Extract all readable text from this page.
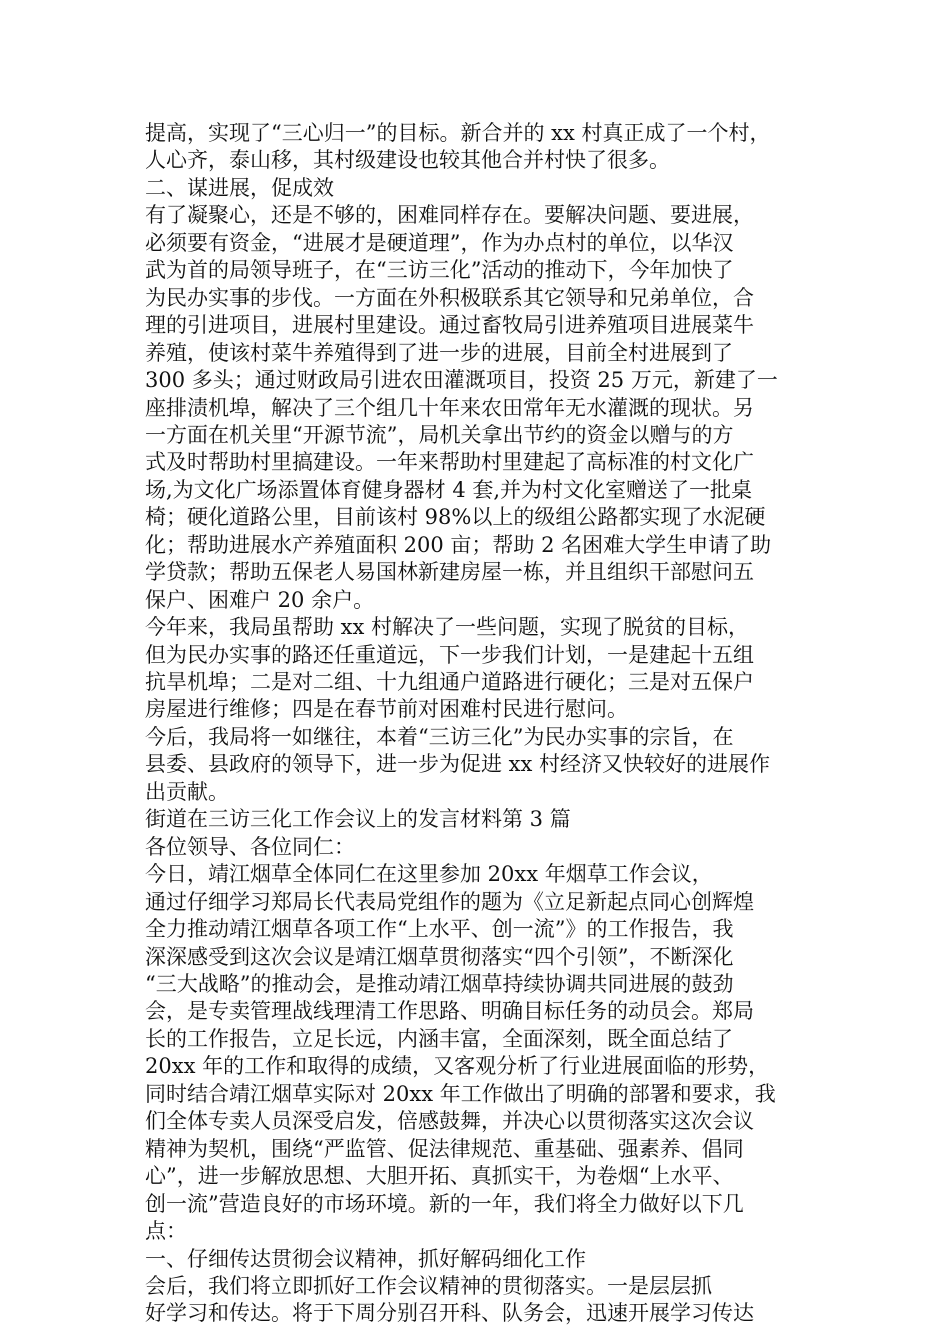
提高，实现了“三心归一”的目标。新合并的 xx 村真正成了一个村，
人心齐，泰山移，其村级建设也较其他合并村快了很多。
二、谋进展，促成效
有了凝聚心，还是不够的，困难同样存在。要解决问题、要进展，
必须要有资金，“进展才是硬道理”，作为办点村的单位，以华汉
武为首的局领导班子，在“三访三化”活动的推动下，今年加快了
为民办实事的步伐。一方面在外积极联系其它领导和兄弟单位，合
理的引进项目，进展村里建设。通过畜牧局引进养殖项目进展菜牛
养殖，使该村菜牛养殖得到了进一步的进展，目前全村进展到了
300 多头；通过财政局引进农田灌溉项目，投资 25 万元，新建了一
座排渍机埠，解决了三个组几十年来农田常年无水灌溉的现状。另
一方面在机关里“开源节流”，局机关拿出节约的资金以赠与的方
式及时帮助村里搞建设。一年来帮助村里建起了高标准的村文化广
场,为文化广场添置体育健身器材 4 套,并为村文化室赠送了一批桌
椅；硬化道路公里，目前该村 98%以上的级组公路都实现了水泥硬
化；帮助进展水产养殖面积 200 亩；帮助 2 名困难大学生申请了助
学贷款；帮助五保老人易国林新建房屋一栋，并且组织干部慰问五
保户、困难户 20 余户。
今年来，我局虽帮助 xx 村解决了一些问题，实现了脱贫的目标，
但为民办实事的路还任重道远，下一步我们计划，一是建起十五组
抗旱机埠；二是对二组、十九组通户道路进行硬化；三是对五保户
房屋进行维修；四是在春节前对困难村民进行慰问。
今后，我局将一如继往，本着“三访三化”为民办实事的宗旨，在
县委、县政府的领导下，进一步为促进 xx 村经济又快较好的进展作
出贡献。
街道在三访三化工作会议上的发言材料第 3 篇
各位领导、各位同仁：
今日，靖江烟草全体同仁在这里参加 20xx 年烟草工作会议，
通过仔细学习郑局长代表局党组作的题为《立足新起点同心创辉煌
全力推动靖江烟草各项工作“上水平、创一流”》的工作报告，我
深深感受到这次会议是靖江烟草贯彻落实“四个引领”，不断深化
“三大战略”的推动会，是推动靖江烟草持续协调共同进展的鼓劲
会，是专卖管理战线理清工作思路、明确目标任务的动员会。郑局
长的工作报告，立足长远，内涵丰富，全面深刻，既全面总结了
20xx 年的工作和取得的成绩，又客观分析了行业进展面临的形势，
同时结合靖江烟草实际对 20xx 年工作做出了明确的部署和要求，我
们全体专卖人员深受启发，倍感鼓舞，并决心以贯彻落实这次会议
精神为契机，围绕“严监管、促法律规范、重基础、强素养、倡同
心”，进一步解放思想、大胆开拓、真抓实干，为卷烟“上水平、
创一流”营造良好的市场环境。新的一年，我们将全力做好以下几
点：
一、仔细传达贯彻会议精神，抓好解码细化工作
会后，我们将立即抓好工作会议精神的贯彻落实。一是层层抓
好学习和传达。将于下周分别召开科、队务会，迅速开展学习传达
